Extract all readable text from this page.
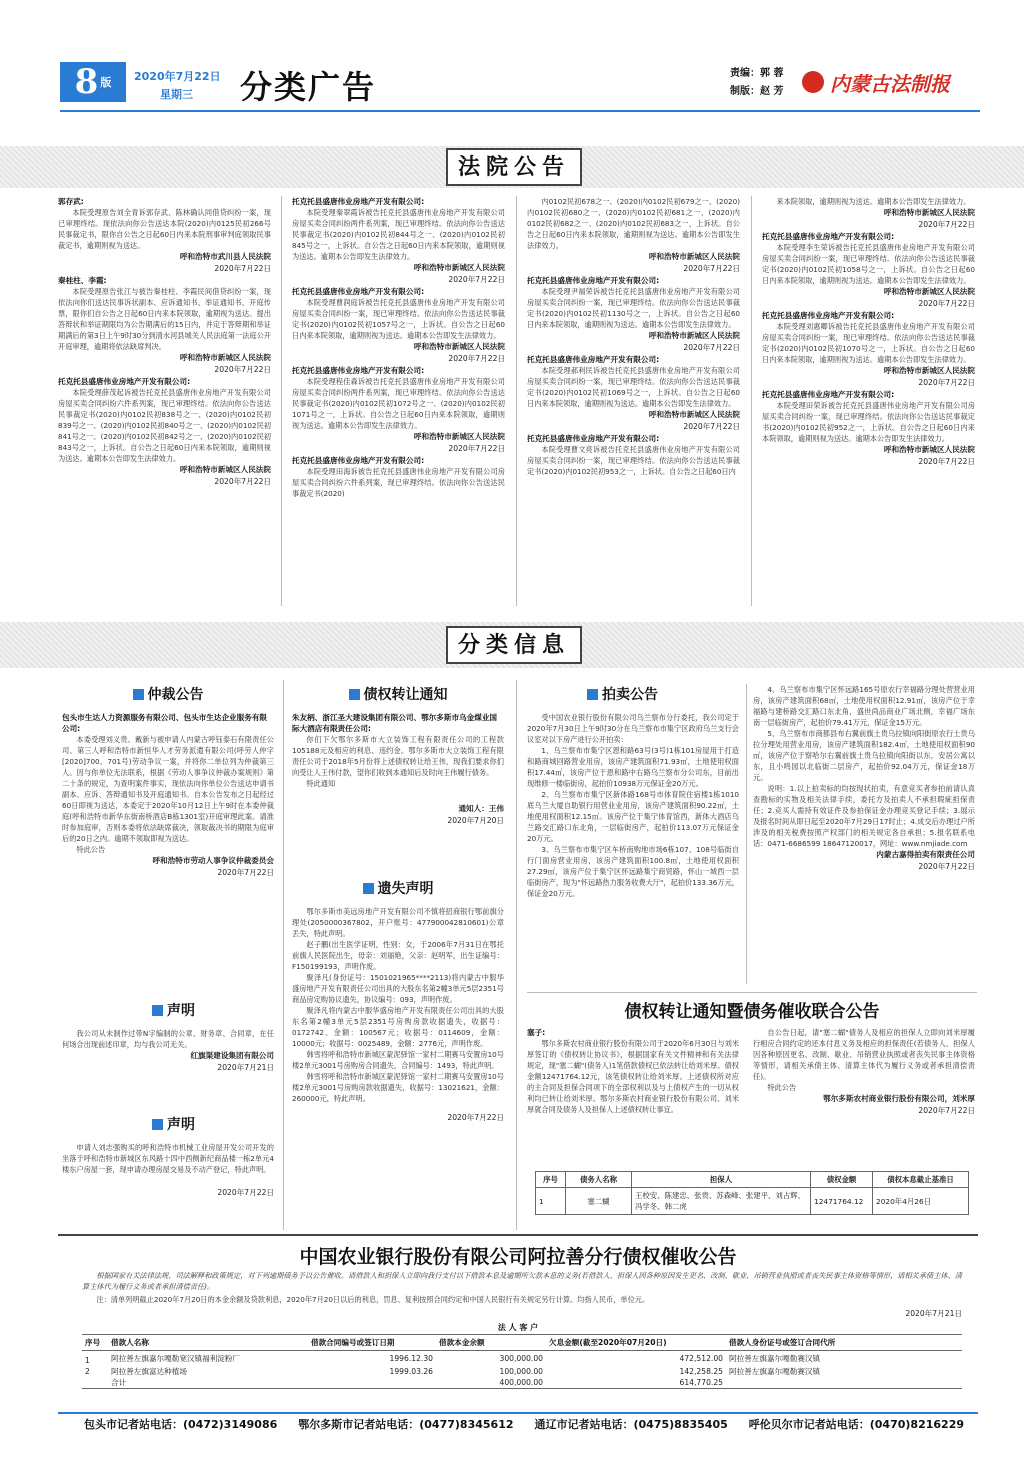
8 版 2020年7月22日
星期三 分类广告	责编：郭 蓉
制版：赵 芳 内蒙古法制报
法院公告
郭存武:
本院受理原告刘全青诉郭存武、陈林确认同借贷纠纷一案，现已审理终结。现依法向你公告送达本院(2020)内0125民初266号民事裁定书，限你自公告之日起60日内来本院刑事审判庭领取民事裁定书，逾期则视为送达。
呼和浩特市武川县人民法院
2020年7月22日
秦桂柱、李霞:
本院受理原告张江与被告秦桂柱、李霞民间借贷纠纷一案，现依法向你们送达民事诉状副本、应诉通知书、举证通知书、开庭传票，限你们自公告之日起60日内来本院领取，逾期视为送达。提出答辩状和举证期限均为公告期满后的15日内，并定于答辩期和举证期满后的第3日上午9时30分到清水河县城关人民法庭第一法庭公开开庭审理，逾期将依法缺席判决。
呼和浩特市新城区人民法院
2020年7月22日
托克托县盛唐伟业房地产开发有限公司:
本院受理薛茂起诉被告托克托县盛唐伟业房地产开发有限公司房屋买卖合同纠纷六件系列案，现已审理终结。依法向你公告送达民事裁定书(2020)内0102民初838号之一、(2020)内0102民初839号之一、(2020)内0102民初840号之一、(2020)内0102民初841号之一、(2020)内0102民初842号之一、(2020)内0102民初843号之一，上诉状。自公告之日起60日内来本院领取，逾期则视为送达。逾期本公告即发生法律效力。
呼和浩特市新城区人民法院
2020年7月22日
托克托县盛唐伟业房地产开发有限公司:
本院受理秦翠霞诉被告托克托县盛唐伟业房地产开发有限公司房屋买卖合同纠纷两件系列案，现已审理终结。依法向你公告送达民事裁定书(2020)内0102民初844号之一、(2020)内0102民初845号之一，上诉状。自公告之日起60日内来本院领取，逾期则视为送达。逾期本公告即发生法律效力。
呼和浩特市新城区人民法院
2020年7月22日
托克托县盛唐伟业房地产开发有限公司:
本院受理曹润庭诉被告托克托县盛唐伟业房地产开发有限公司房屋买卖合同纠纷一案，现已审理终结。依法向你公告送达民事裁定书(2020)内0102民初1057号之一，上诉状。自公告之日起60日内来本院领取，逾期则视为送达。逾期本公告即发生法律效力。
呼和浩特市新城区人民法院
2020年7月22日
托克托县盛唐伟业房地产开发有限公司:
本院受理程佳森诉被告托克托县盛唐伟业房地产开发有限公司房屋买卖合同纠纷两件系列案，现已审理终结。依法向你公告送达民事裁定书(2020)内0102民初1072号之一、(2020)内0102民初1071号之一，上诉状。自公告之日起60日内来本院领取，逾期则视为送达。逾期本公告即发生法律效力。
呼和浩特市新城区人民法院
2020年7月22日
托克托县盛唐伟业房地产开发有限公司:
本院受理田海诉被告托克托县盛唐伟业房地产开发有限公司房屋买卖合同纠纷六件系列案，现已审理终结。依法向你公告送达民事裁定书(2020)
内0102民初678之一、(2020)内0102民初679之一、(2020)内0102民初680之一、(2020)内0102民初681之一、(2020)内0102民初682之一、(2020)内0102民初683之一，上诉状。自公告之日起60日内来本院领取，逾期则视为送达。逾期本公告即发生法律效力。
呼和浩特市新城区人民法院
2020年7月22日
托克托县盛唐伟业房地产开发有限公司:
本院受理尹福荣诉被告托克托县盛唐伟业房地产开发有限公司房屋买卖合同纠纷一案，现已审理终结。依法向你公告送达民事裁定书(2020)内0102民初1130号之一，上诉状。自公告之日起60日内来本院领取，逾期则视为送达。逾期本公告即发生法律效力。
呼和浩特市新城区人民法院
2020年7月22日
托克托县盛唐伟业房地产开发有限公司:
本院受理郝利民诉被告托克托县盛唐伟业房地产开发有限公司房屋买卖合同纠纷一案，现已审理终结。依法向你公告送达民事裁定书(2020)内0102民初1069号之一，上诉状。自公告之日起60日内来本院领取，逾期则视为送达。逾期本公告即发生法律效力。
呼和浩特市新城区人民法院
2020年7月22日
托克托县盛唐伟业房地产开发有限公司:
本院受理曹文亮诉被告托克托县盛唐伟业房地产开发有限公司房屋买卖合同纠纷一案，现已审理终结。依法向你公告送达民事裁定书(2020)内0102民初953之一，上诉状。自公告之日起60日内
来本院领取，逾期则视为送达。逾期本公告即发生法律效力。
呼和浩特市新城区人民法院
2020年7月22日
托克托县盛唐伟业房地产开发有限公司:
本院受理李生荣诉被告托克托县盛唐伟业房地产开发有限公司房屋买卖合同纠纷一案，现已审理终结。依法向你公告送达民事裁定书(2020)内0102民初1058号之一，上诉状。自公告之日起60日内来本院领取，逾期则视为送达。逾期本公告即发生法律效力。
呼和浩特市新城区人民法院
2020年7月22日
托克托县盛唐伟业房地产开发有限公司:
本院受理刘惠卿诉被告托克托县盛唐伟业房地产开发有限公司房屋买卖合同纠纷一案，现已审理终结。依法向你公告送达民事裁定书(2020)内0102民初1070号之一，上诉状。自公告之日起60日内来本院领取，逾期则视为送达。逾期本公告即发生法律效力。
呼和浩特市新城区人民法院
2020年7月22日
托克托县盛唐伟业房地产开发有限公司:
本院受理田荣诉被告托克托县盛唐伟业房地产开发有限公司房屋买卖合同纠纷一案，现已审理终结。依法向你公告送达民事裁定书(2020)内0102民初952之一，上诉状。自公告之日起60日内来本院领取，逾期则视为送达。逾期本公告即发生法律效力。
呼和浩特市新城区人民法院
2020年7月22日
分类信息
仲裁公告
包头市生达人力资源服务有限公司、包头市生达企业服务有限公司:
本委受理刘义贵、戴新与被申请人内蒙古呼钰泰石有限责任公司、第三人呼和浩特市新恒华人才劳务派遣有限公司(呼劳人仲字[2020]700、701号)劳动争议一案，并将你二单位列为仲裁第三人。因与你单位无法联系，根据《劳动人事争议仲裁办案规则》第二十条的规定，为查明案件事实，现依法向你单位公告送达申请书副本、应诉、答辩通知书及开庭通知书。自本公告发布之日起经过60日即视为送达，本委定于2020年10月12日上午9时在本委仲裁庭(呼和浩特市新华东街南桥酒店B栋1301室)开庭审理此案。请准时参加庭审，否则本委将依法缺席裁决，领取裁决书的期限为庭审后的20日之内。逾期不领取即视为送达。
特此公告
呼和浩特市劳动人事争议仲裁委员会
2020年7月22日
声明
我公司从未制作过带N字编制的公章、财务章、合同章，在任何场合出现前述印章，均与我公司无关。
红旗渠建设集团有限公司
2020年7月21日
声明
申请人刘志强购买的呼和浩特市机械工业房屋开发公司开发的坐落于呼和浩特市新城区东风路十四中西侧新纪商品楼一栋2单元4楼东户房屋一套，现申请办理房屋交易及不动产登记，特此声明。
2020年7月22日
债权转让通知
朱友柄、浙江圣大建设集团有限公司、鄂尔多斯市乌金煤业国际大酒店有限责任公司:
你们下欠鄂尔多斯市大立装饰工程有限责任公司的工程款105188元及相应的利息、违约金。鄂尔多斯市大立装饰工程有限责任公司于2018年5月份将上述债权转让给王伟，现我们要求你们向受让人王伟付款，望你们收到本通知后及时向王伟履行债务。
特此通知
通知人：王伟
2020年7月20日
遗失声明
鄂尔多斯市美远房地产开发有限公司不慎将招商银行鄂前旗分理处(2050000367802，开户账号：477900042810601)公章丢失，特此声明。
赵子鹏(出生医学证明，性别：女，于2006年7月31日在鄂托前旗人民医院出生，母亲：刘丽艳，父亲：赵明军，出生证编号：F150199193，声明作废。
聚泽凡(身份证号：1501021965****2113)将内蒙古中服华盛房地产开发有限责任公司出具的大股东名第2幢3单元5层2351号商品房定购协议遗失，协议编号：093，声明作废。
聚泽凡将内蒙古中服华盛房地产开发有限责任公司出具的大股东名第2幢3单元5层2351号房购房款收据遗失，收据号：0172742、金额：100567元；收据号：0114609，金额：10000元；收据号：0025489，金额：2776元，声明作废。
韩雪将呼和浩特市新城区蒙泥驿馆一家村二期赛马安置房10号楼2单元3001号房购房合同遗失，合同编号：1493，特此声明。
韩雪将呼和浩特市新城区蒙泥驿馆一家村二期赛马安置房10号楼2单元3001号房购房款收据遗失，收据号：13021621，金额：260000元，特此声明。
2020年7月22日
拍卖公告
受中国农业银行股份有限公司乌兰察布分行委托，我公司定于2020年7月30日上午9时30分在乌兰察布市集宁区政府乌兰支行会议室对以下房产进行公开拍卖：
1、乌兰察布市集宁区恩和路63号(3号)1栋101房屋用于打造和路商城回路营业用房，该房产建筑面积71.93㎡，土地使用权面积17.44㎡，该房产位于恩和路中右路乌兰察布分公司东，目前出现维修一楼临街房，起拍价10938万元保证金20万元。
2、乌兰察布市集宁区新体路168号市体育院住宿楼1栋1010底乌兰大厦自助银行用营业业用房，该房产建筑面积90.22㎡，土地使用权面积12.15㎡。该房产位于集宁体育馆西，新体大酒店乌兰路交汇路口东北角，一层临街房产，起拍价113.07万元保证金20万元。
3、乌兰察布市集宁区车桥南购地市场6栋107、108号临街自行门面房营业用房，该房产建筑面积100.8㎡，土地使用权面积27.29㎡，该房产位于集宁区怀远路集宁商贸路，怀山一城西一层临街房产，现为"怀远路热力服务收费大厅"，起拍价133.36万元，保证金20万元。
4、乌兰察布市集宁区怀远路165号原农行幸福路分理处营营业用房，该房产建筑面积68㎡，土地使用权面积12.91㎡，该房产位于幸福路与建桥路交汇路口东北角，盛世尚品商业广场北侧，幸福广场东南一层临街房产，起拍价79.41万元，保证金15万元。
5、乌兰察布市商都县布右翼前旗土贵乌拉镇向阳街原农行土贵乌拉分理处用营业用房，该房产建筑面积182.4㎡，土地使用权面积90㎡，该房产位于察哈尔右翼前旗土贵乌拉镇向阳街以东，安居公寓以东，且小鸣园以北临街二层房产，起拍价92.04万元，保证金18万元。
说明：1.以上拍卖标的均按现状拍卖，有意竞买者参拍前请认真查勘标的实物及相关法律手续，委托方及拍卖人不承担瑕疵担保责任；2.竞买人需持有效证件及参拍保证金办理竞买登记手续；3.展示及报名时间从即日起至2020年7月29日17时止；4.成交后办理过户所涉及的相关税费按照产权部门的相关规定各自承担；5.报名联系电话：0471-6686599 18647120017，网址：www.nmjiade.com
内蒙古嘉得拍卖有限责任公司
2020年7月22日
债权转让通知暨债务催收联合公告
塞子:
鄂尔多斯农村商业银行股份有限公司于2020年6月30日与刘米厚签订的《债权转让协议书》，根据国家有关文件精神和有关法律规定，现"塞二蝴"(债务人)1笔借款债权已依法转让给刘米厚。债权金额12471764.12元，该笔债权转让给刘米厚。上述债权所对应的主合同及担保合同项下的全部权利以及与上债权产生的一切从权利均已转让给刘米厚。鄂尔多斯农村商业银行股份有限公司、刘米厚就合同及债务人及担保人上述债权转让事宜。
自公告日起，请"塞二蝴"债务人及相应的担保人立即向刘米厚履行相应合同约定的还本付息义务及相应的担保责任(若债务人、担保人因各种原因更名、改制、歇业、吊销营业执照或者丧失民事主体资格等情形，请相关承债主体、清算主体代为履行义务或者承担清偿责任)。
特此公告
鄂尔多斯农村商业银行股份有限公司，刘米厚
2020年7月22日
序号	债务人名称	担保人	债权金额	债权本息截止基准日
1	塞二蝴	王校安、陈建忠、张贵、苏森峰、张建平、刘占辉、冯学冬、韩二虎	12471764.12	2020年4月26日
中国农业银行股份有限公司阿拉善分行债权催收公告
根据国家有关法律法规、司法解释和政策规定，对下列逾期债务予以公告催收。请借款人和担保人立即向我行支付以下借款本息及逾期所欠款本息的义务(若借款人、担保人因各种原因发生更名、改制、歇业、吊销营业执照或者丧失民事主体资格等情形，请相关承债主体、清算主体代为履行义务或者承担清偿责任)。
注：清单列明截止2020年7月20日的本金余额及贷款利息，2020年7月20日以后的利息，罚息、复利按照合同约定和中国人民银行有关规定另行计算。均指人民币，单位元。
2020年7月21日
法 人 客 户
序号	借款人名称	借款合同编号或签订日期	借款本金余额	欠息金额(截至2020年07月20日)	借款人身份证号或签订合同代所
1	阿拉善左旗嘉尔嘎勒宽汉镇福利淀粉厂	1996.12.30	300,000.00	472,512.00	阿拉善左旗嘉尔嘎勒赛汉镇
2	阿拉善左旗富达种植场	1999.03.26	100,000.00	142,258.25	阿拉善左旗嘉尔嘎勒赛汉镇
	合计		400,000.00	614,770.25	
包头市记者站电话：(0472)3149086 鄂尔多斯市记者站电话：(0477)8345612 通辽市记者站电话：(0475)8835405 呼伦贝尔市记者站电话：(0470)8216229
